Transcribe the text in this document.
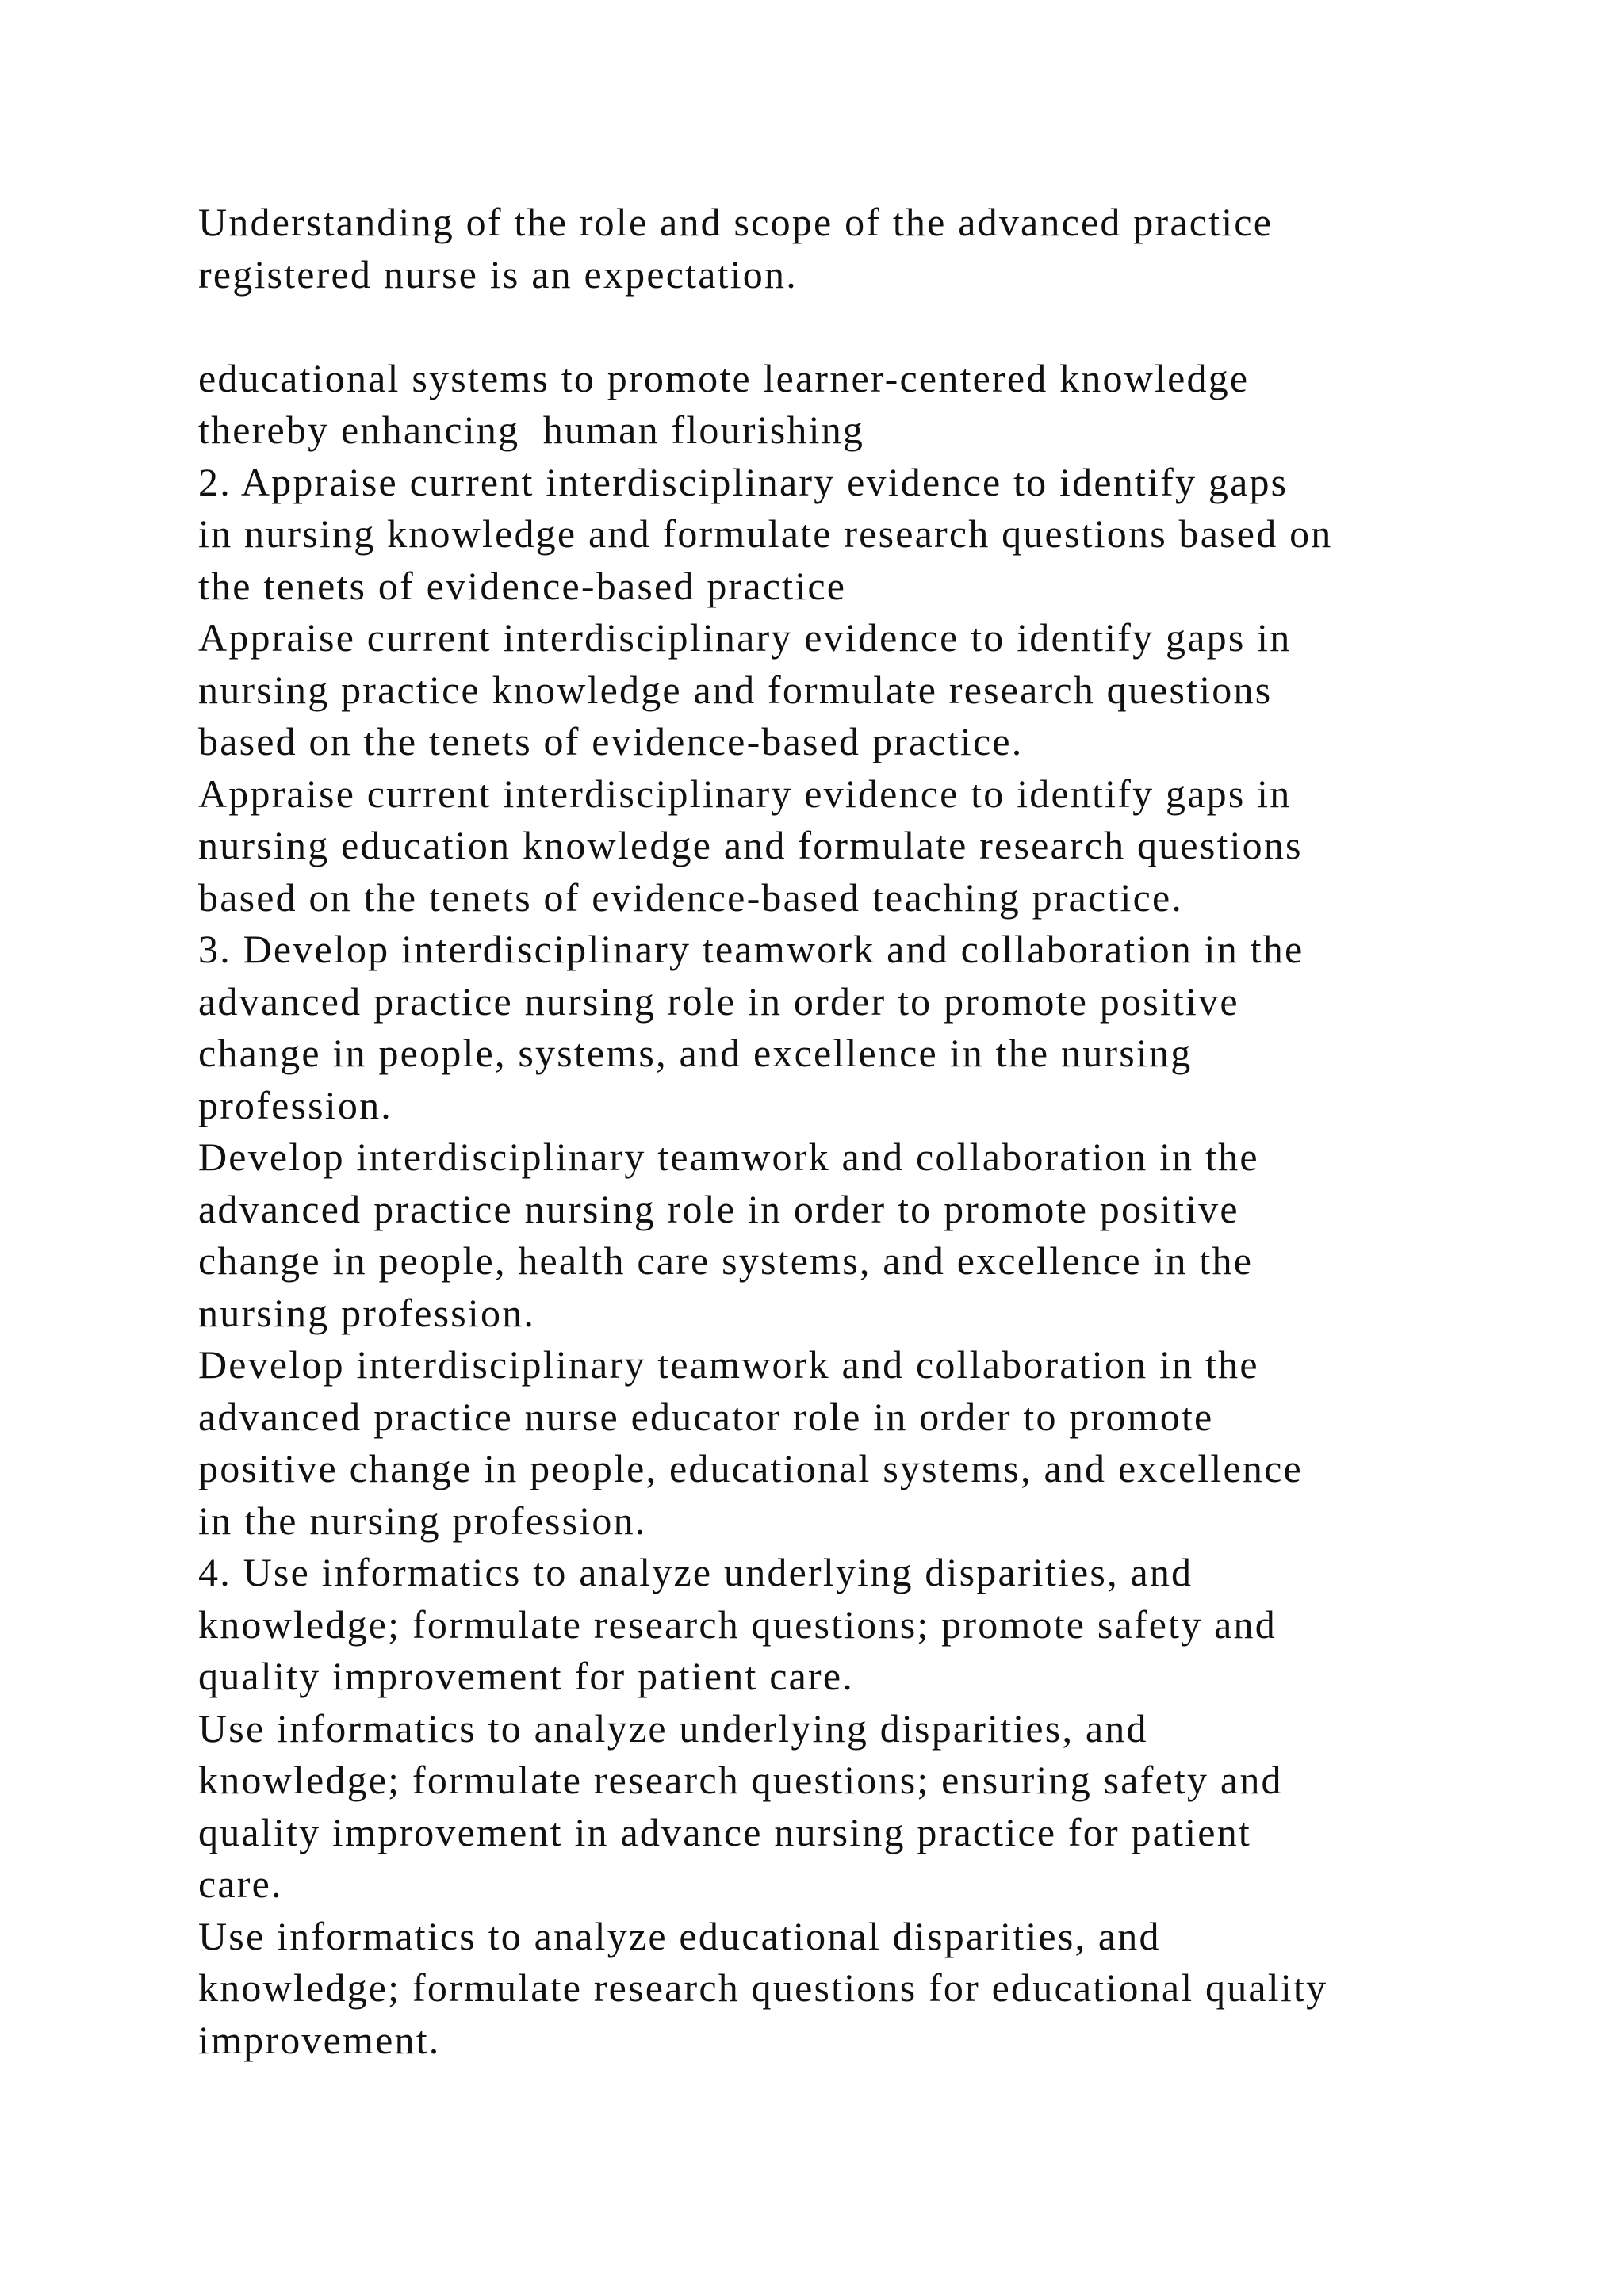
Understanding of the role and scope of the advanced practice
registered nurse is an expectation.
educational systems to promote learner-centered knowledge
thereby enhancing  human flourishing
2. Appraise current interdisciplinary evidence to identify gaps
in nursing knowledge and formulate research questions based on
the tenets of evidence-based practice
Appraise current interdisciplinary evidence to identify gaps in
nursing practice knowledge and formulate research questions
based on the tenets of evidence-based practice.
Appraise current interdisciplinary evidence to identify gaps in
nursing education knowledge and formulate research questions
based on the tenets of evidence-based teaching practice.
3. Develop interdisciplinary teamwork and collaboration in the
advanced practice nursing role in order to promote positive
change in people, systems, and excellence in the nursing
profession.
Develop interdisciplinary teamwork and collaboration in the
advanced practice nursing role in order to promote positive
change in people, health care systems, and excellence in the
nursing profession.
Develop interdisciplinary teamwork and collaboration in the
advanced practice nurse educator role in order to promote
positive change in people, educational systems, and excellence
in the nursing profession.
4. Use informatics to analyze underlying disparities, and
knowledge; formulate research questions; promote safety and
quality improvement for patient care.
Use informatics to analyze underlying disparities, and
knowledge; formulate research questions; ensuring safety and
quality improvement in advance nursing practice for patient
care.
Use informatics to analyze educational disparities, and
knowledge; formulate research questions for educational quality
improvement.
